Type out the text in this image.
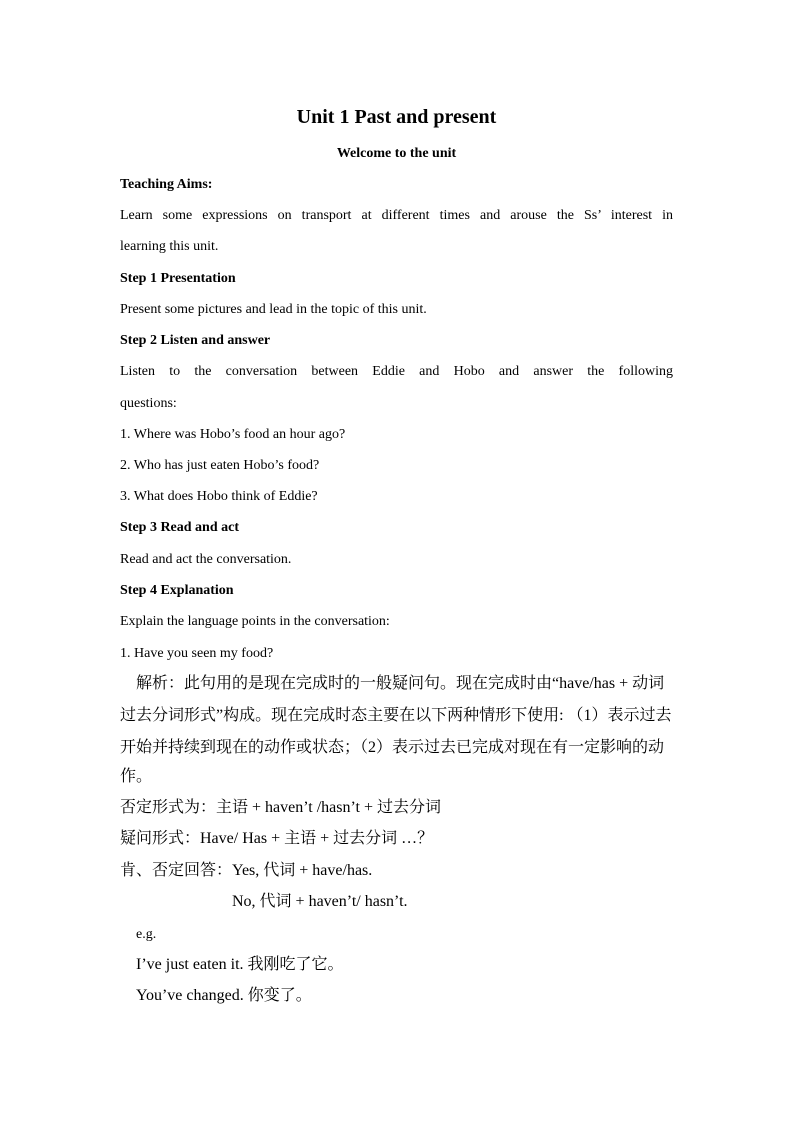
Unit 1 Past and present
Welcome to the unit
Teaching Aims:
Learn some expressions on transport at different times and arouse the Ss’ interest in
learning this unit.
Step 1 Presentation
Present some pictures and lead in the topic of this unit.
Step 2 Listen and answer
Listen to the conversation between Eddie and Hobo and answer the following
questions:
1. Where was Hobo’s food an hour ago?
2. Who has just eaten Hobo’s food?
3. What does Hobo think of Eddie?
Step 3 Read and act
Read and act the conversation.
Step 4 Explanation
Explain the language points in the conversation:
1. Have you seen my food?
解析：此句用的是现在完成时的一般疑问句。现在完成时由“have/has + 动词
过去分词形式”构成。现在完成时态主要在以下两种情形下使用: （1）表示过去
开始并持续到现在的动作或状态；（2）表示过去已完成对现在有一定影响的动
作。
否定形式为：主语 + haven’t /hasn’t + 过去分词
疑问形式：Have/ Has + 主语 + 过去分词 …？
肯、否定回答：Yes, 代词 + have/has.
No, 代词 + haven’t/ hasn’t.
e.g.
I’ve just eaten it. 我刚吃了它。
You’ve changed. 你变了。
